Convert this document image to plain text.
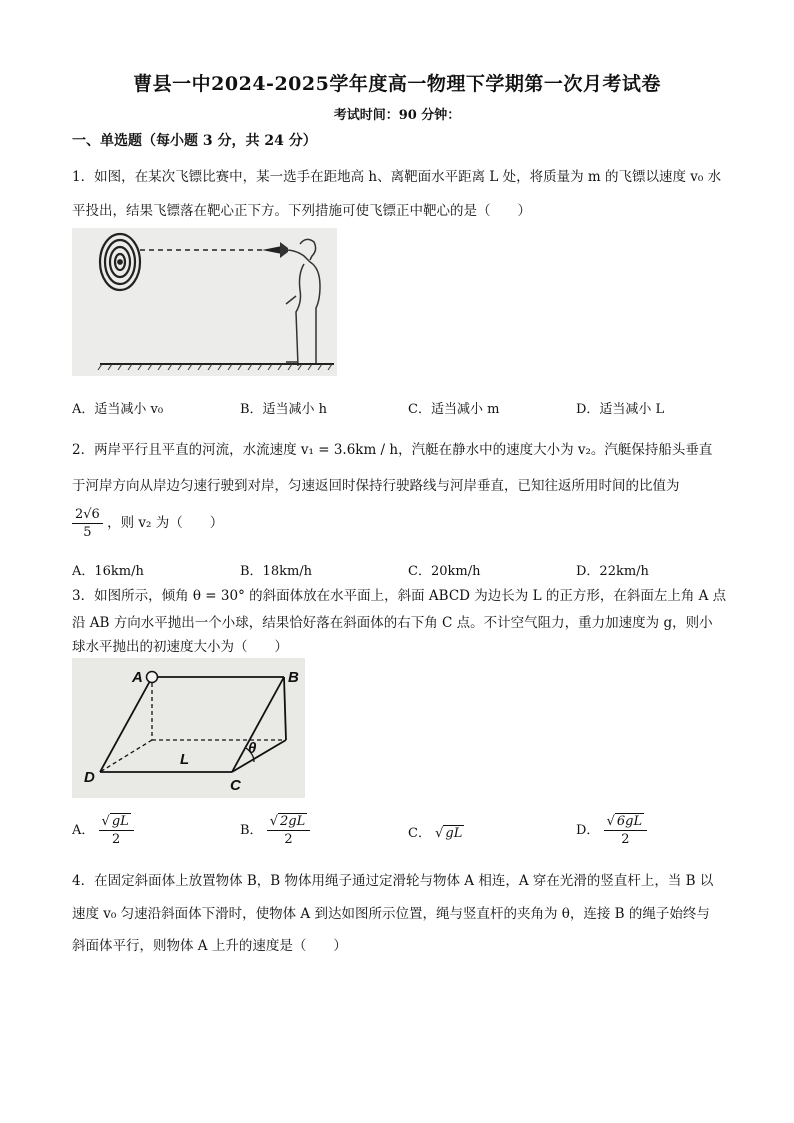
曹县一中2024-2025学年度高一物理下学期第一次月考试卷
考试时间：90 分钟：
一、单选题（每小题 3 分，共 24 分）
1．如图，在某次飞镖比赛中，某一选手在距地高 h、离靶面水平距离 L 处，将质量为 m 的飞镖以速度 v₀ 水
平投出，结果飞镖落在靶心正下方。下列措施可使飞镖正中靶心的是（　　）
A．适当减小 v₀	B．适当减小 h	C．适当减小 m	D．适当减小 L
2．两岸平行且平直的河流，水流速度 v₁ = 3.6km / h，汽艇在静水中的速度大小为 v₂。汽艇保持船头垂直
于河岸方向从岸边匀速行驶到对岸，匀速返回时保持行驶路线与河岸垂直，已知往返所用时间的比值为
$\frac{2√6}{5}$ ，则 v₂ 为（　　）
A．16km/h	B．18km/h	C．20km/h	D．22km/h
3．如图所示，倾角 θ = 30° 的斜面体放在水平面上，斜面 ABCD 为边长为 L 的正方形，在斜面左上角 A 点
沿 AB 方向水平抛出一个小球，结果恰好落在斜面体的右下角 C 点。不计空气阻力，重力加速度为 g，则小
球水平抛出的初速度大小为（　　）
A	B
L
θ
D	C
A． $\frac{√ gL}{2}$	B． $\frac{√ 2gL}{2}$	C． √ gL	D． $\frac{√ 6gL}{2}$
4．在固定斜面体上放置物体 B，B 物体用绳子通过定滑轮与物体 A 相连，A 穿在光滑的竖直杆上，当 B 以
速度 v₀ 匀速沿斜面体下滑时，使物体 A 到达如图所示位置，绳与竖直杆的夹角为 θ，连接 B 的绳子始终与
斜面体平行，则物体 A 上升的速度是（　　）
